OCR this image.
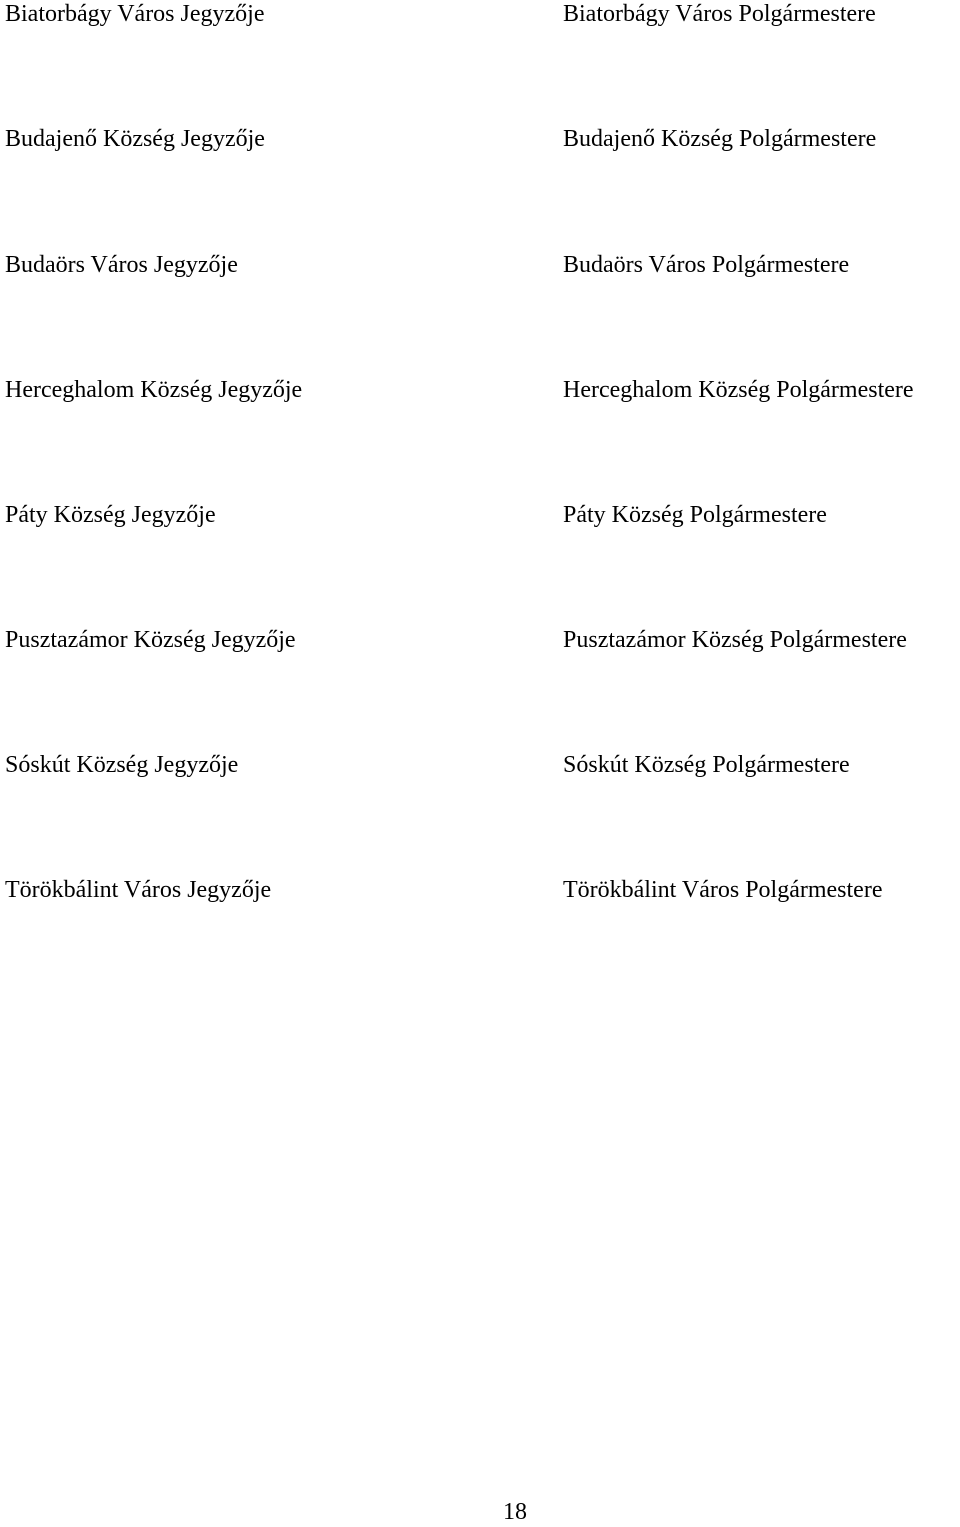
Biatorbágy Város Jegyzője	Biatorbágy Város Polgármestere
Budajenő Község Jegyzője	Budajenő Község Polgármestere
Budaörs Város Jegyzője	Budaörs Város Polgármestere
Herceghalom Község Jegyzője	Herceghalom Község Polgármestere
Páty Község Jegyzője	Páty Község Polgármestere
Pusztazámor Község Jegyzője	Pusztazámor Község Polgármestere
Sóskút Község Jegyzője	Sóskút Község Polgármestere
Törökbálint Város Jegyzője	Törökbálint Város Polgármestere
18
